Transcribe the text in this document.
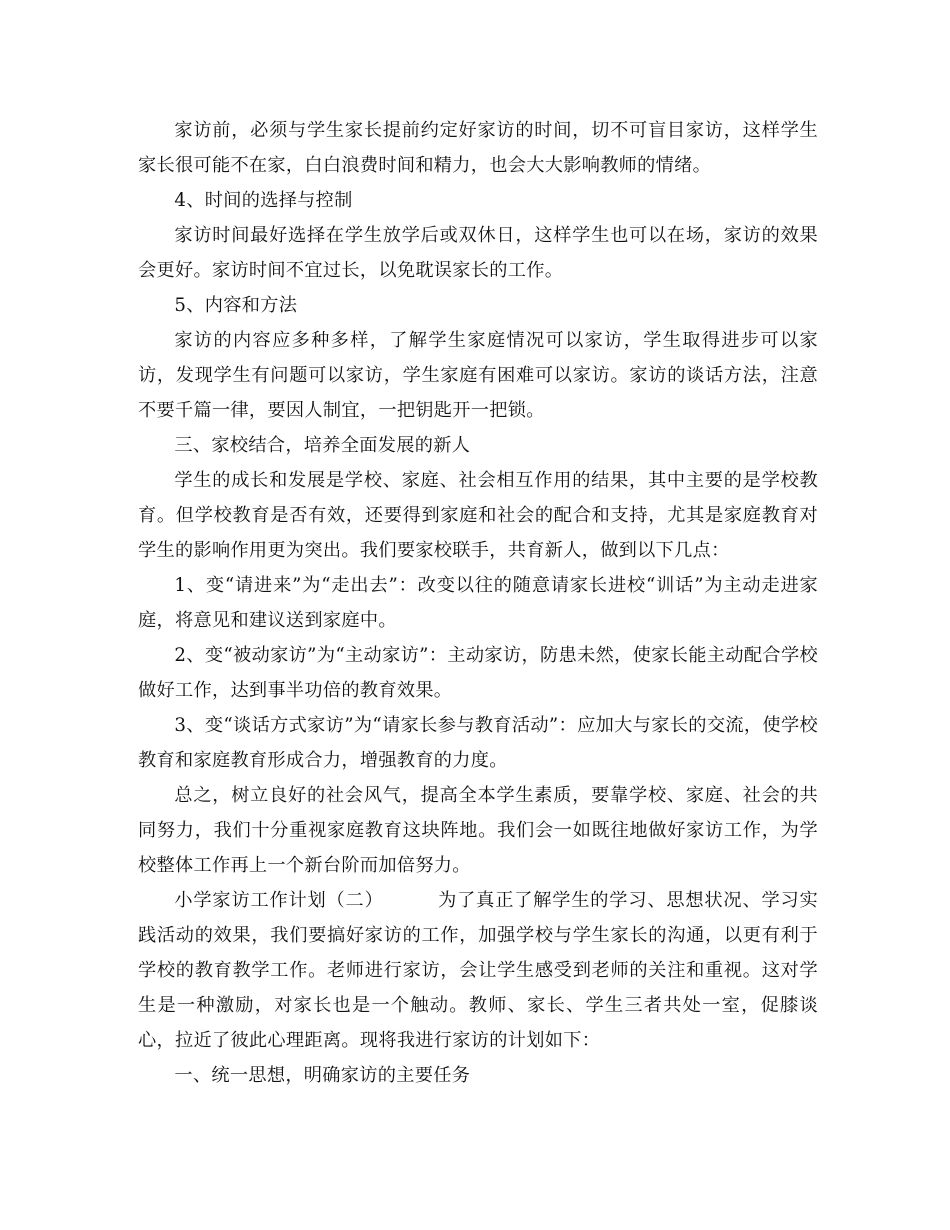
家访前，必须与学生家长提前约定好家访的时间，切不可盲目家访，这样学生家长很可能不在家，白白浪费时间和精力，也会大大影响教师的情绪。

4、时间的选择与控制

家访时间最好选择在学生放学后或双休日，这样学生也可以在场，家访的效果会更好。家访时间不宜过长，以免耽误家长的工作。

5、内容和方法

家访的内容应多种多样，了解学生家庭情况可以家访，学生取得进步可以家访，发现学生有问题可以家访，学生家庭有困难可以家访。家访的谈话方法，注意不要千篇一律，要因人制宜，一把钥匙开一把锁。

三、家校结合，培养全面发展的新人

学生的成长和发展是学校、家庭、社会相互作用的结果，其中主要的是学校教育。但学校教育是否有效，还要得到家庭和社会的配合和支持，尤其是家庭教育对学生的影响作用更为突出。我们要家校联手，共育新人，做到以下几点：

1、变“请进来”为“走出去”：改变以往的随意请家长进校“训话”为主动走进家庭，将意见和建议送到家庭中。

2、变“被动家访”为“主动家访”：主动家访，防患未然，使家长能主动配合学校做好工作，达到事半功倍的教育效果。

3、变“谈话方式家访”为“请家长参与教育活动”：应加大与家长的交流，使学校教育和家庭教育形成合力，增强教育的力度。

总之，树立良好的社会风气，提高全本学生素质，要靠学校、家庭、社会的共同努力，我们十分重视家庭教育这块阵地。我们会一如既往地做好家访工作，为学校整体工作再上一个新台阶而加倍努力。

小学家访工作计划（二）	为了真正了解学生的学习、思想状况、学习实践活动的效果，我们要搞好家访的工作，加强学校与学生家长的沟通，以更有利于学校的教育教学工作。老师进行家访，会让学生感受到老师的关注和重视。这对学生是一种激励，对家长也是一个触动。教师、家长、学生三者共处一室，促膝谈心，拉近了彼此心理距离。现将我进行家访的计划如下：

一、统一思想，明确家访的主要任务
